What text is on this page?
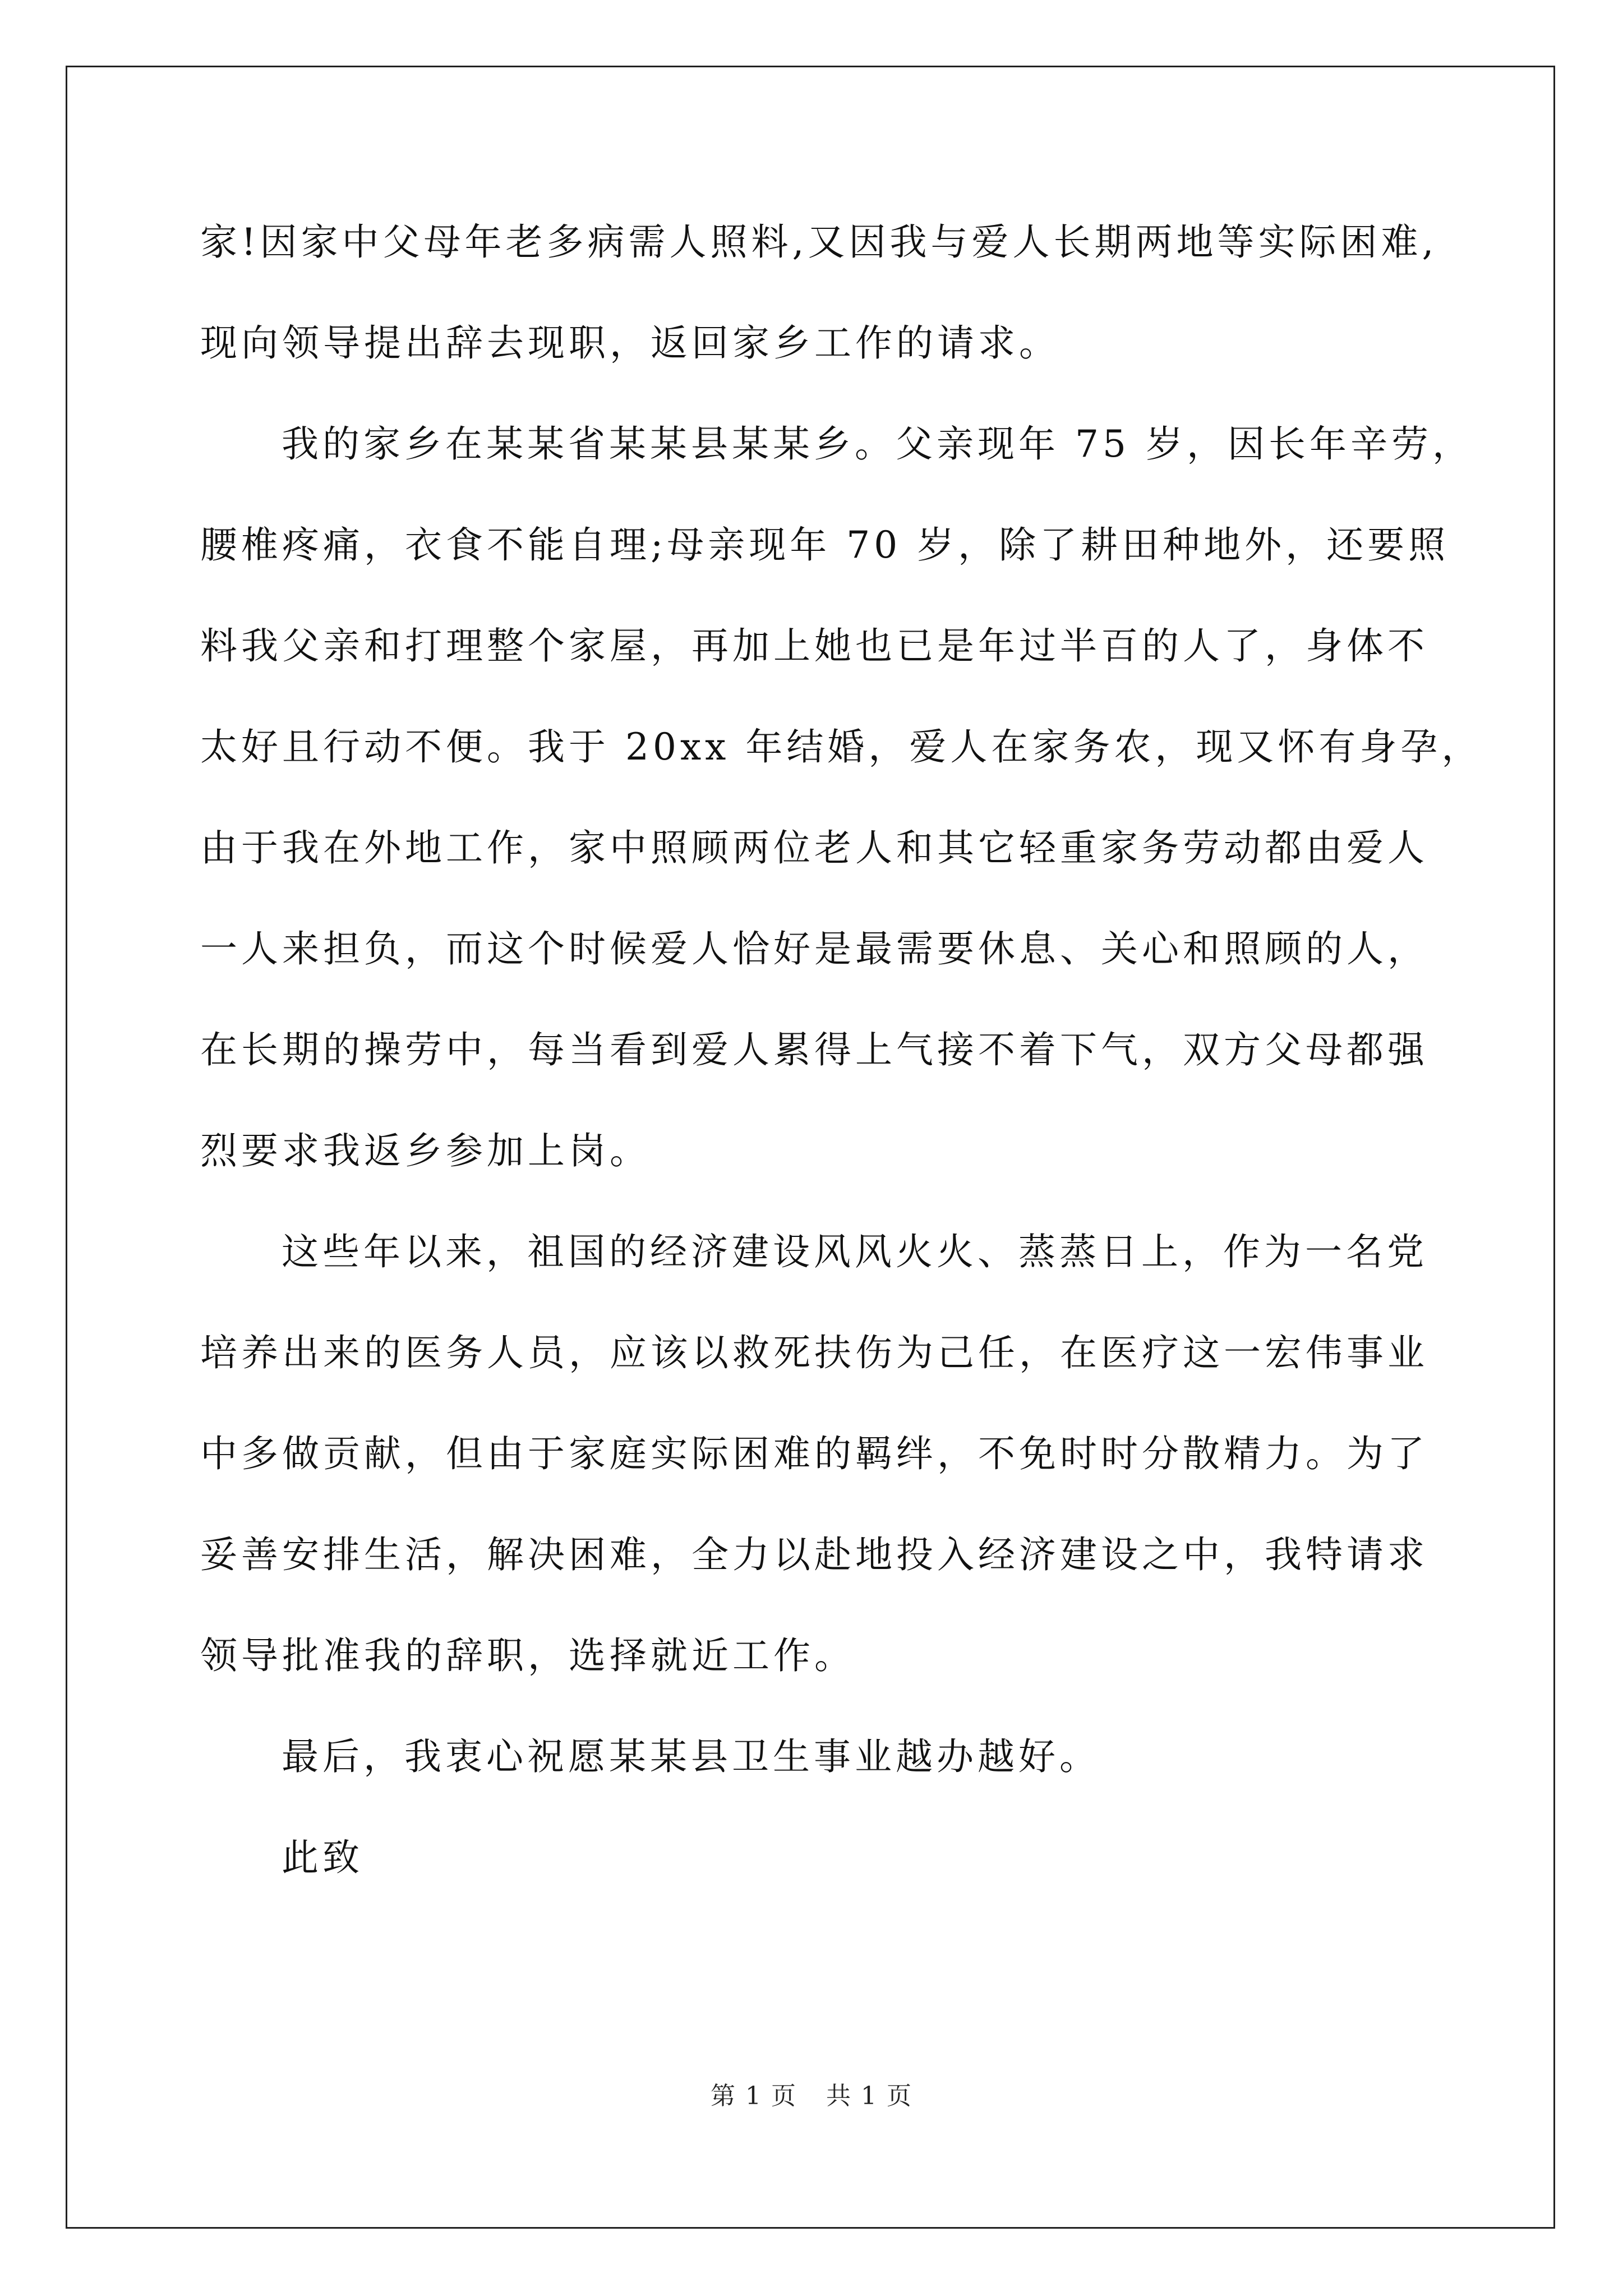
家!因家中父母年老多病需人照料,又因我与爱人长期两地等实际困难,
现向领导提出辞去现职，返回家乡工作的请求。
我的家乡在某某省某某县某某乡。父亲现年 75 岁，因长年辛劳，
腰椎疼痛，衣食不能自理;母亲现年 70 岁，除了耕田种地外，还要照
料我父亲和打理整个家屋，再加上她也已是年过半百的人了，身体不
太好且行动不便。我于 20xx 年结婚，爱人在家务农，现又怀有身孕，
由于我在外地工作，家中照顾两位老人和其它轻重家务劳动都由爱人
一人来担负，而这个时候爱人恰好是最需要休息、关心和照顾的人，
在长期的操劳中，每当看到爱人累得上气接不着下气，双方父母都强
烈要求我返乡参加上岗。
这些年以来，祖国的经济建设风风火火、蒸蒸日上，作为一名党
培养出来的医务人员，应该以救死扶伤为己任，在医疗这一宏伟事业
中多做贡献，但由于家庭实际困难的羁绊，不免时时分散精力。为了
妥善安排生活，解决困难，全力以赴地投入经济建设之中，我特请求
领导批准我的辞职，选择就近工作。
最后，我衷心祝愿某某县卫生事业越办越好。
此致
第 1 页 共 1 页
